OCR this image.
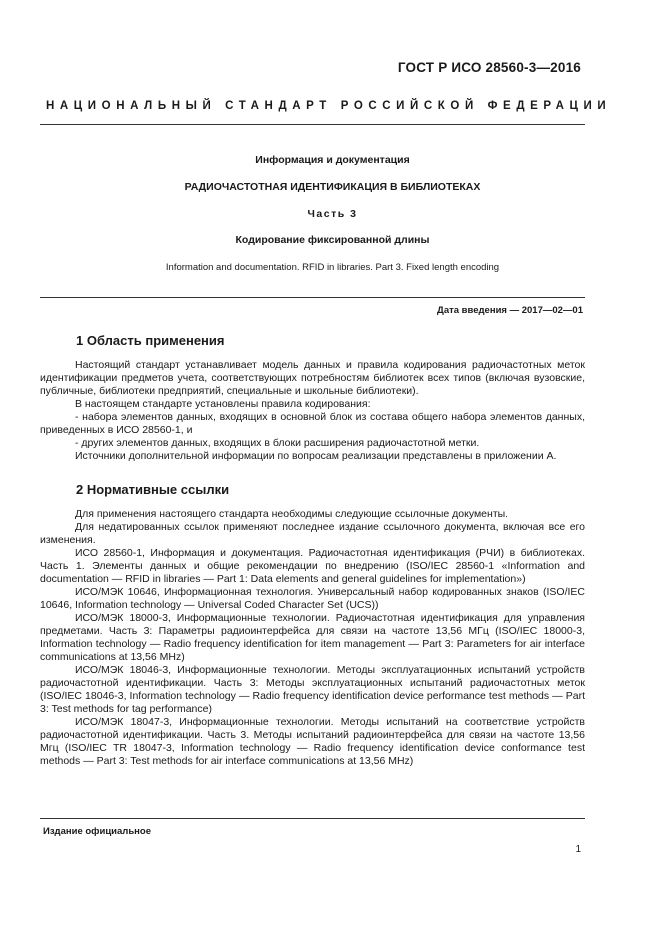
ГОСТ Р ИСО 28560-3—2016
НАЦИОНАЛЬНЫЙ СТАНДАРТ РОССИЙСКОЙ ФЕДЕРАЦИИ
Информация и документация
РАДИОЧАСТОТНАЯ ИДЕНТИФИКАЦИЯ В БИБЛИОТЕКАХ
Часть 3
Кодирование фиксированной длины
Information and documentation. RFID in libraries. Part 3. Fixed length encoding
Дата введения — 2017—02—01
1 Область применения

Настоящий стандарт устанавливает модель данных и правила кодирования радиочастотных меток идентификации предметов учета, соответствующих потребностям библиотек всех типов (включая вузовские, публичные, библиотеки предприятий, специальные и школьные библиотеки).

В настоящем стандарте установлены правила кодирования:

- набора элементов данных, входящих в основной блок из состава общего набора элементов данных, приведенных в ИСО 28560-1, и

- других элементов данных, входящих в блоки расширения радиочастотной метки.

Источники дополнительной информации по вопросам реализации представлены в приложении А.

2 Нормативные ссылки

Для применения настоящего стандарта необходимы следующие ссылочные документы.

Для недатированных ссылок применяют последнее издание ссылочного документа, включая все его изменения.

ИСО 28560-1, Информация и документация. Радиочастотная идентификация (РЧИ) в библиотеках. Часть 1. Элементы данных и общие рекомендации по внедрению (ISO/IEC 28560-1 «Information and documentation — RFID in libraries — Part 1: Data elements and general guidelines for implementation»)

ИСО/МЭК 10646, Информационная технология. Универсальный набор кодированных знаков (ISO/IEC 10646, Information technology — Universal Coded Character Set (UCS))

ИСО/МЭК 18000-3, Информационные технологии. Радиочастотная идентификация для управления предметами. Часть 3: Параметры радиоинтерфейса для связи на частоте 13,56 МГц (ISO/IEC 18000-3, Information technology — Radio frequency identification for item management — Part 3: Parameters for air interface communications at 13,56 MHz)

ИСО/МЭК 18046-3, Информационные технологии. Методы эксплуатационных испытаний устройств радиочастотной идентификации. Часть 3: Методы эксплуатационных испытаний радиочастотных меток (ISO/IEC 18046-3, Information technology — Radio frequency identification device performance test methods — Part 3: Test methods for tag performance)

ИСО/МЭК 18047-3, Информационные технологии. Методы испытаний на соответствие устройств радиочастотной идентификации. Часть 3. Методы испытаний радиоинтерфейса для связи на частоте 13,56 Мгц (ISO/IEC TR 18047-3, Information technology — Radio frequency identification device conformance test methods — Part 3: Test methods for air interface communications at 13,56 MHz)

Издание официальное
1
